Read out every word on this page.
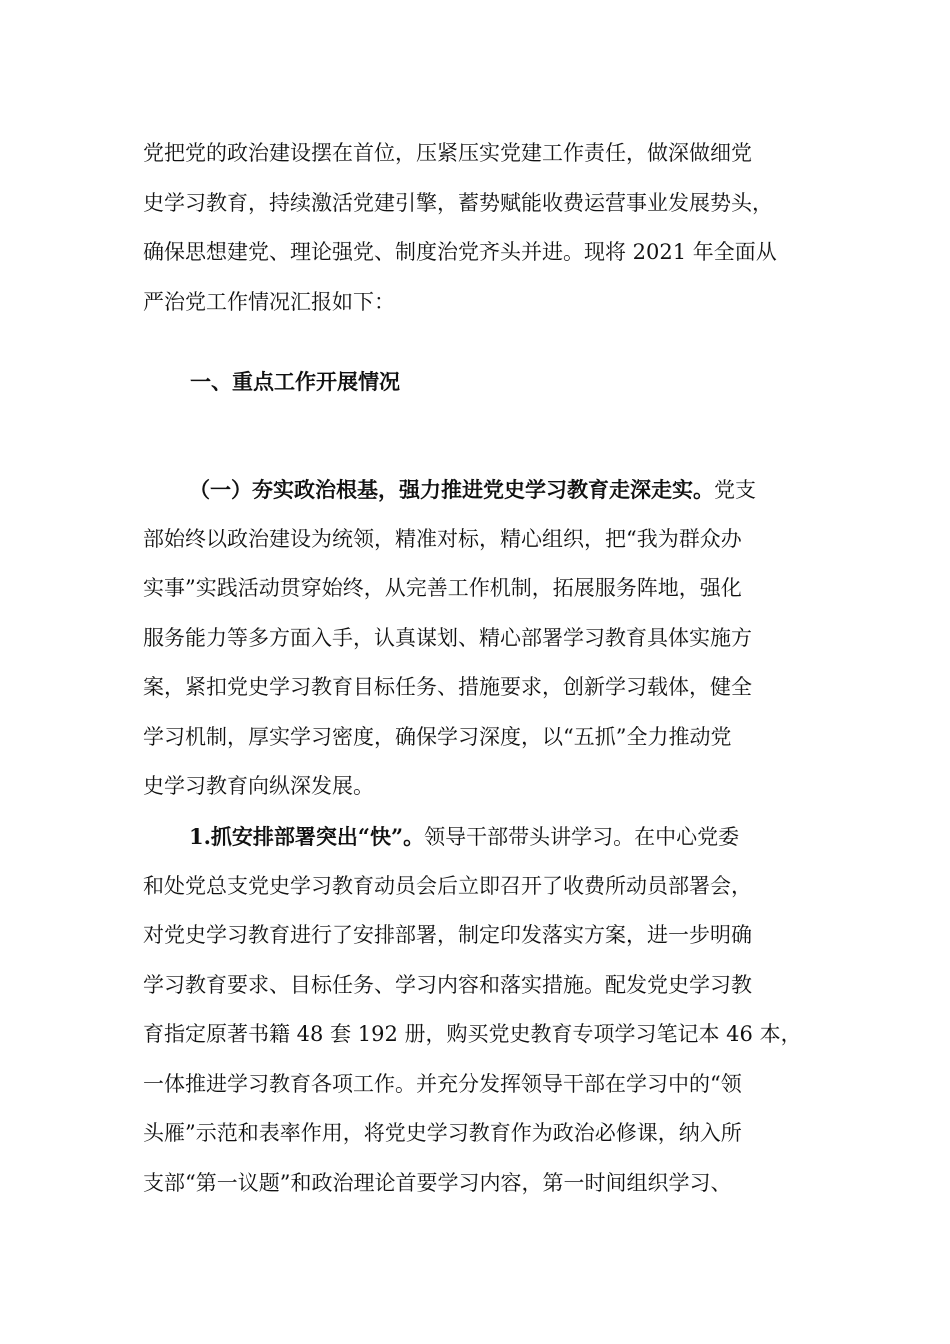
党把党的政治建设摆在首位，压紧压实党建工作责任，做深做细党
史学习教育，持续激活党建引擎，蓄势赋能收费运营事业发展势头，
确保思想建党、理论强党、制度治党齐头并进。现将 2021 年全面从
严治党工作情况汇报如下：
一、重点工作开展情况
（一）夯实政治根基，强力推进党史学习教育走深走实。党支
部始终以政治建设为统领，精准对标，精心组织，把“我为群众办
实事”实践活动贯穿始终，从完善工作机制，拓展服务阵地，强化
服务能力等多方面入手，认真谋划、精心部署学习教育具体实施方
案，紧扣党史学习教育目标任务、措施要求，创新学习载体，健全
学习机制，厚实学习密度，确保学习深度，以“五抓”全力推动党
史学习教育向纵深发展。
1.抓安排部署突出“快”。领导干部带头讲学习。在中心党委
和处党总支党史学习教育动员会后立即召开了收费所动员部署会，
对党史学习教育进行了安排部署，制定印发落实方案，进一步明确
学习教育要求、目标任务、学习内容和落实措施。配发党史学习教
育指定原著书籍 48 套 192 册，购买党史教育专项学习笔记本 46 本，
一体推进学习教育各项工作。并充分发挥领导干部在学习中的“领
头雁”示范和表率作用，将党史学习教育作为政治必修课，纳入所
支部“第一议题”和政治理论首要学习内容，第一时间组织学习、
